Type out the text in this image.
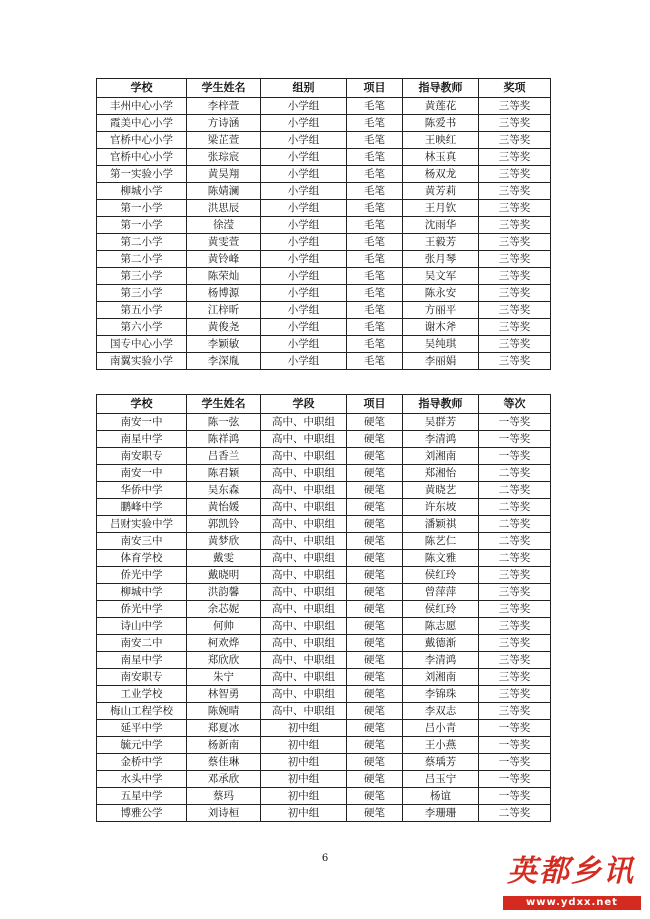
学校	学生姓名	组别	项目	指导教师	奖项
丰州中心小学	李梓萱	小学组	毛笔	黄莲花	三等奖
霞美中心小学	方诗涵	小学组	毛笔	陈爱书	三等奖
官桥中心小学	梁芷萱	小学组	毛笔	王映红	三等奖
官桥中心小学	张琮宸	小学组	毛笔	林玉真	三等奖
第一实验小学	黄昊翔	小学组	毛笔	杨双龙	三等奖
柳城小学	陈婧澜	小学组	毛笔	黄芳莉	三等奖
第一小学	洪思辰	小学组	毛笔	王月钦	三等奖
第一小学	徐滢	小学组	毛笔	沈雨华	三等奖
第二小学	黄雯萱	小学组	毛笔	王毅芳	三等奖
第二小学	黄铃峰	小学组	毛笔	张月琴	三等奖
第三小学	陈荣灿	小学组	毛笔	吴文军	三等奖
第三小学	杨博源	小学组	毛笔	陈永安	三等奖
第五小学	江梓昕	小学组	毛笔	方丽平	三等奖
第六小学	黄俊尧	小学组	毛笔	谢木斧	三等奖
国专中心小学	李颖敏	小学组	毛笔	吴纯琪	三等奖
南翼实验小学	李深胤	小学组	毛笔	李丽娟	三等奖
学校	学生姓名	学段	项目	指导教师	等次
南安一中	陈一弦	高中、中职组	硬笔	吴群芳	一等奖
南星中学	陈祥鸿	高中、中职组	硬笔	李清鸿	一等奖
南安职专	吕香兰	高中、中职组	硬笔	刘湘南	一等奖
南安一中	陈君颖	高中、中职组	硬笔	郑湘怡	二等奖
华侨中学	吴东森	高中、中职组	硬笔	黄晓艺	二等奖
鹏峰中学	黄怡媛	高中、中职组	硬笔	许东坡	二等奖
吕财实验中学	郭凯铃	高中、中职组	硬笔	潘颖祺	二等奖
南安三中	黄梦欣	高中、中职组	硬笔	陈艺仁	二等奖
体育学校	戴雯	高中、中职组	硬笔	陈文雅	二等奖
侨光中学	戴晓明	高中、中职组	硬笔	侯红玲	三等奖
柳城中学	洪韵馨	高中、中职组	硬笔	曾萍萍	三等奖
侨光中学	余芯妮	高中、中职组	硬笔	侯红玲	三等奖
诗山中学	何帅	高中、中职组	硬笔	陈志愿	三等奖
南安二中	柯欢烨	高中、中职组	硬笔	戴德渐	三等奖
南星中学	郑欣欣	高中、中职组	硬笔	李清鸿	三等奖
南安职专	朱宁	高中、中职组	硬笔	刘湘南	三等奖
工业学校	林智勇	高中、中职组	硬笔	李锦珠	三等奖
梅山工程学校	陈婉晴	高中、中职组	硬笔	李双志	三等奖
延平中学	郑夏冰	初中组	硬笔	吕小青	一等奖
毓元中学	杨新南	初中组	硬笔	王小燕	一等奖
金桥中学	蔡佳琳	初中组	硬笔	蔡瑀芳	一等奖
水头中学	邓承欣	初中组	硬笔	吕玉宁	一等奖
五星中学	蔡玛	初中组	硬笔	杨谊	一等奖
博雅公学	刘诗桓	初中组	硬笔	李珊珊	二等奖
6	英都乡讯
www.ydxx.net
